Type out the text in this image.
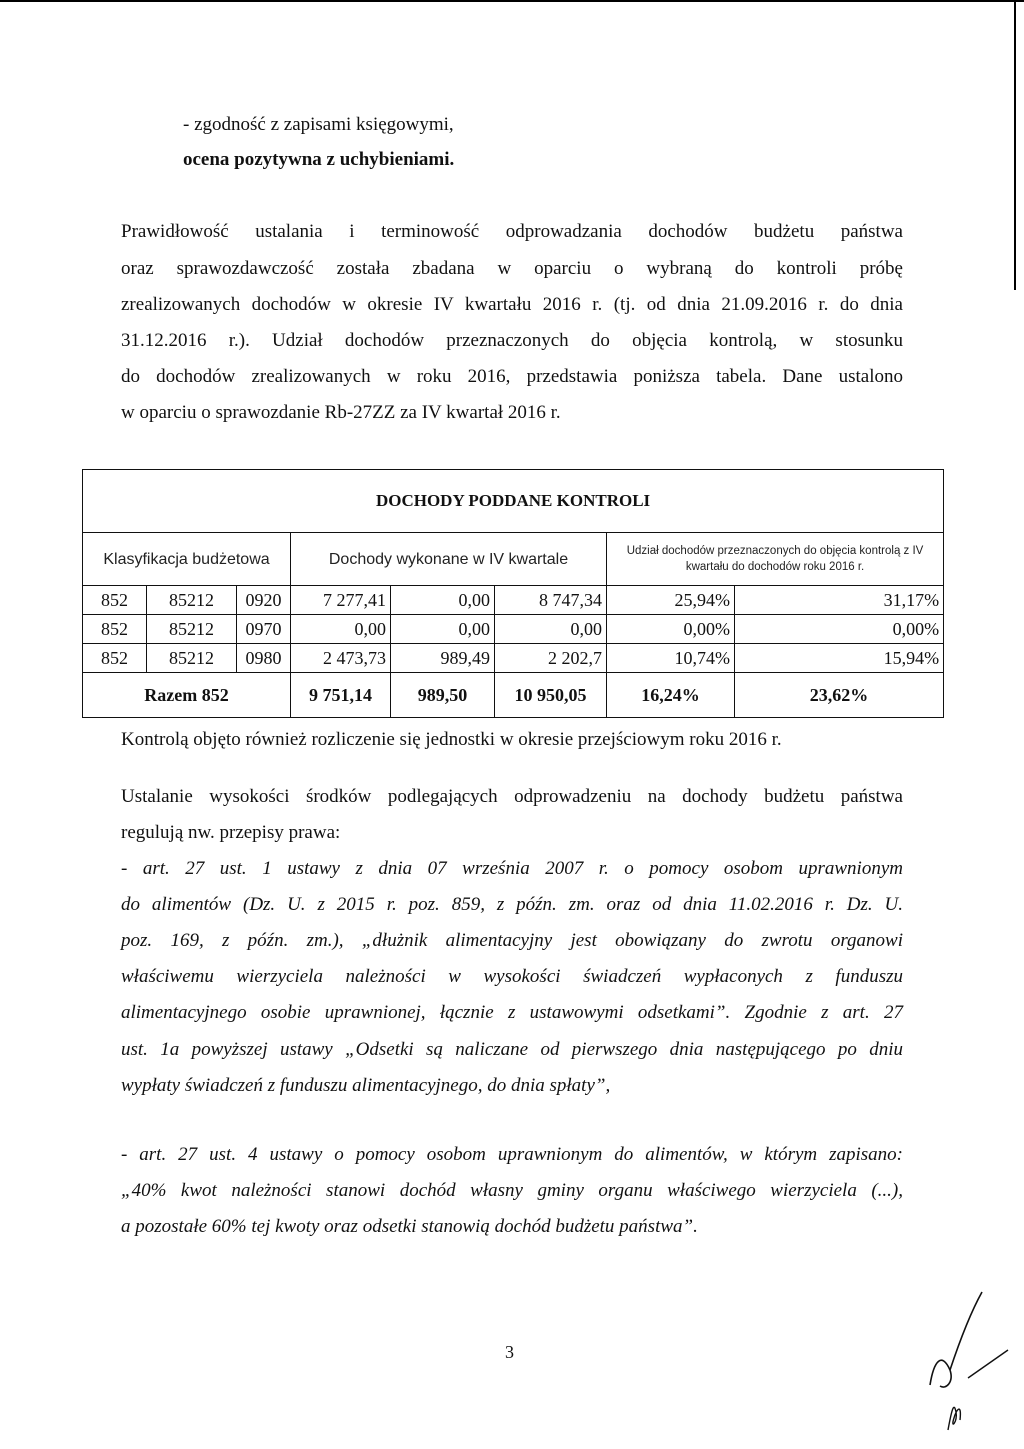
- zgodność z zapisami księgowymi,
ocena pozytywna z uchybieniami.
Prawidłowość ustalania i terminowość odprowadzania dochodów budżetu państwa
oraz sprawozdawczość została zbadana w oparciu o wybraną do kontroli próbę
zrealizowanych dochodów w okresie IV kwartału 2016 r. (tj. od dnia 21.09.2016 r. do dnia
31.12.2016 r.). Udział dochodów przeznaczonych do objęcia kontrolą, w stosunku
do dochodów zrealizowanych w roku 2016, przedstawia poniższa tabela. Dane ustalono
w oparciu o sprawozdanie Rb-27ZZ za IV kwartał 2016 r.
DOCHODY PODDANE KONTROLI							
Klasyfikacja budżetowa			Dochody wykonane w IV kwartale			Udział dochodów przeznaczonych do objęcia kontrolą z IV kwartału do dochodów roku 2016 r.	
852	85212	0920	7 277,41	0,00	8 747,34	25,94%	31,17%
852	85212	0970	0,00	0,00	0,00	0,00%	0,00%
852	85212	0980	2 473,73	989,49	2 202,7	10,74%	15,94%
Razem 852			9 751,14	989,50	10 950,05	16,24%	23,62%
Kontrolą objęto również rozliczenie się jednostki w okresie przejściowym roku 2016 r.
Ustalanie wysokości środków podlegających odprowadzeniu na dochody budżetu państwa
regulują nw. przepisy prawa:
- art. 27 ust. 1 ustawy z dnia 07 września 2007 r. o pomocy osobom uprawnionym
do alimentów (Dz. U. z 2015 r. poz. 859, z późn. zm. oraz od dnia 11.02.2016 r. Dz. U.
poz. 169, z późn. zm.), „dłużnik alimentacyjny jest obowiązany do zwrotu organowi
właściwemu wierzyciela należności w wysokości świadczeń wypłaconych z funduszu
alimentacyjnego osobie uprawnionej, łącznie z ustawowymi odsetkami”. Zgodnie z art. 27
ust. 1a powyższej ustawy „Odsetki są naliczane od pierwszego dnia następującego po dniu
wypłaty świadczeń z funduszu alimentacyjnego, do dnia spłaty”,
- art. 27 ust. 4 ustawy o pomocy osobom uprawnionym do alimentów, w którym zapisano:
„40% kwot należności stanowi dochód własny gminy organu właściwego wierzyciela (...),
a pozostałe 60% tej kwoty oraz odsetki stanowią dochód budżetu państwa”.
3
